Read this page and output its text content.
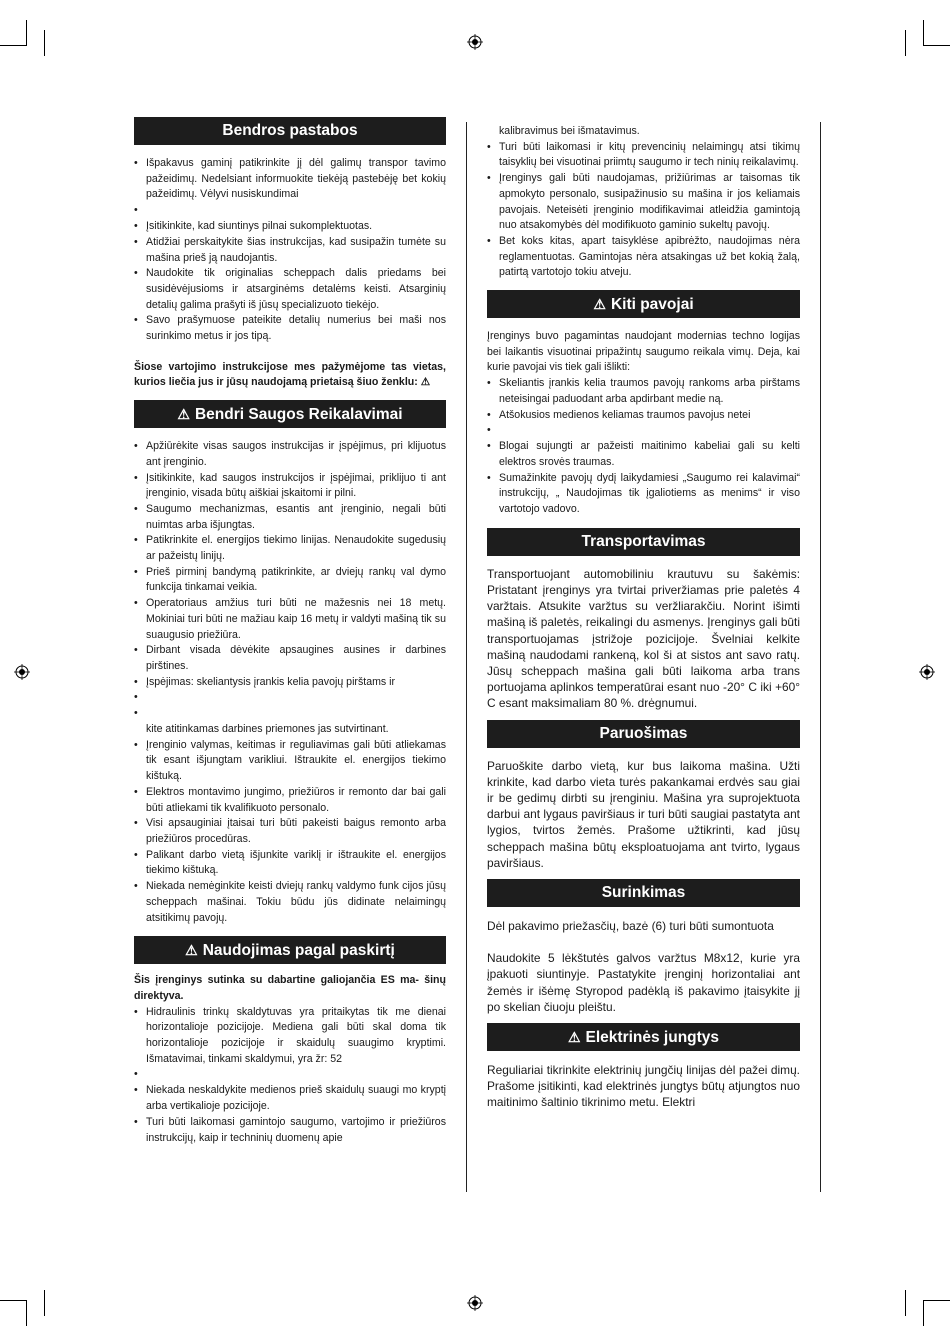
Bendros pastabos
• Išpakavus gaminį patikrinkite jį dėl galimų transpor tavimo pažeidimų. Nedelsiant informuokite tiekėją pastebėję bet kokių pažeidimų. Vėlyvi nusiskundimai
•
• Įsitikinkite, kad siuntinys pilnai sukomplektuotas.
• Atidžiai perskaitykite šias instrukcijas, kad susipažin tumėte su mašina prieš ją naudojantis.
• Naudokite tik originalias scheppach dalis priedams bei susidėvėjusioms ir atsarginėms detalėms keisti. Atsarginių detalių galima prašyti iš jūsų specializuoto tiekėjo.
• Savo prašymuose pateikite detalių numerius bei maši nos surinkimo metus ir jos tipą.

Šiose vartojimo instrukcijose mes pažymėjome tas vietas, kurios liečia jus ir jūsų naudojamą prietaisą šiuo ženklu: ⚠

⚠ Bendri Saugos Reikalavimai
• Apžiūrėkite visas saugos instrukcijas ir įspėjimus, pri klijuotus ant įrenginio.
• Įsitikinkite, kad saugos instrukcijos ir įspėjimai, priklijuo ti ant įrenginio, visada būtų aiškiai įskaitomi ir pilni.
• Saugumo mechanizmas, esantis ant įrenginio, negali būti nuimtas arba išjungtas.
• Patikrinkite el. energijos tiekimo linijas. Nenaudokite sugedusių ar pažeistų linijų.
• Prieš pirminį bandymą patikrinkite, ar dviejų rankų val dymo funkcija tinkamai veikia.
• Operatoriaus amžius turi būti ne mažesnis nei 18 metų. Mokiniai turi būti ne mažiau kaip 16 metų ir valdyti mašiną tik su suaugusio priežiūra.
• Dirbant visada dėvėkite apsaugines ausines ir darbines pirštines.
• Įspėjimas: skeliantysis įrankis kelia pavojų pirštams ir
•
•
kite atitinkamas darbines priemones jas sutvirtinant.
• Įrenginio valymas, keitimas ir reguliavimas gali būti atliekamas tik esant išjungtam varikliui. Ištraukite el. energijos tiekimo kištuką.
• Elektros montavimo jungimo, priežiūros ir remonto dar bai gali būti atliekami tik kvalifikuoto personalo.
• Visi apsauginiai įtaisai turi būti pakeisti baigus remonto arba priežiūros procedūras.
• Palikant darbo vietą išjunkite variklį ir ištraukite el. energijos tiekimo kištuką.
• Niekada nemėginkite keisti dviejų rankų valdymo funk cijos jūsų scheppach mašinai. Tokiu būdu jūs didinate nelaimingų atsitikimų pavojų.
⚠ Naudojimas pagal paskirtį

Šis įrenginys sutinka su dabartine galiojančia ES ma- šinų direktyva.

• Hidraulinis trinkų skaldytuvas yra pritaikytas tik me dienai horizontalioje pozicijoje. Mediena gali būti skal doma tik horizontalioje pozicijoje ir skaidulų suaugimo kryptimi. Išmatavimai, tinkami skaldymui, yra žr: 52
•
• Niekada neskaldykite medienos prieš skaidulų suaugi mo kryptį arba vertikalioje pozicijoje.
• Turi būti laikomasi gamintojo saugumo, vartojimo ir priežiūros instrukcijų, kaip ir techninių duomenų apie

kalibravimus bei išmatavimus.

• Turi būti laikomasi ir kitų prevencinių nelaimingų atsi tikimų taisyklių bei visuotinai priimtų saugumo ir tech ninių reikalavimų.
• Įrenginys gali būti naudojamas, prižiūrimas ar taisomas tik apmokyto personalo, susipažinusio su mašina ir jos keliamais pavojais. Neteisėti įrenginio modifikavimai atleidžia gamintoją nuo atsakomybės dėl modifikuoto gaminio sukeltų pavojų.
• Bet koks kitas, apart taisyklėse apibrėžto, naudojimas nėra reglamentuotas. Gamintojas nėra atsakingas už bet kokią žalą, patirtą vartotojo tokiu atveju.
⚠ Kiti pavojai

Įrenginys buvo pagamintas naudojant modernias techno logijas bei laikantis visuotinai pripažintų saugumo reikala vimų. Deja, kai kurie pavojai vis tiek gali išlikti:

• Skeliantis įrankis kelia traumos pavojų rankoms arba pirštams neteisingai paduodant arba apdirbant medie ną.
• Atšokusios medienos keliamas traumos pavojus netei
•
• Blogai sujungti ar pažeisti maitinimo kabeliai gali su kelti elektros srovės traumas.
• Sumažinkite pavojų dydį laikydamiesi „Saugumo rei kalavimai“ instrukcijų, „ Naudojimas tik įgaliotiems as menims“ ir viso vartotojo vadovo.
Transportavimas

Transportuojant automobiliniu krautuvu su šakėmis: Pristatant įrenginys yra tvirtai priveržiamas prie paletės 4 varžtais. Atsukite varžtus su veržliarakčiu. Norint išimti mašiną iš paletės, reikalingi du asmenys. Įrenginys gali būti transportuojamas įstrižoje pozicijoje. Švelniai kelkite mašiną naudodami rankeną, kol ši at sistos ant savo ratų. Jūsų scheppach mašina gali būti laikoma arba trans portuojama aplinkos temperatūrai esant nuo -20° C iki +60° C esant maksimaliam 80 %. drėgnumui.

Paruošimas

Paruoškite darbo vietą, kur bus laikoma mašina. Užti krinkite, kad darbo vieta turės pakankamai erdvės sau giai ir be gedimų dirbti su įrenginiu. Mašina yra suprojektuota darbui ant lygaus paviršiaus ir turi būti saugiai pastatyta ant lygios, tvirtos žemės. Prašome užtikrinti, kad jūsų scheppach mašina būtų eksploatuojama ant tvirto, lygaus paviršiaus.

Surinkimas

Dėl pakavimo priežasčių, bazė (6) turi būti sumontuota

Naudokite 5 lėkštutės galvos varžtus M8x12, kurie yra įpakuoti siuntinyje. Pastatykite įrenginį horizontaliai ant žemės ir išėmę Styropod padėklą iš pakavimo įtaisykite jį po skelian čiuoju pleištu.

⚠ Elektrinės jungtys

Reguliariai tikrinkite elektrinių jungčių linijas dėl pažei dimų. Prašome įsitikinti, kad elektrinės jungtys būtų atjungtos nuo maitinimo šaltinio tikrinimo metu. Elektri
